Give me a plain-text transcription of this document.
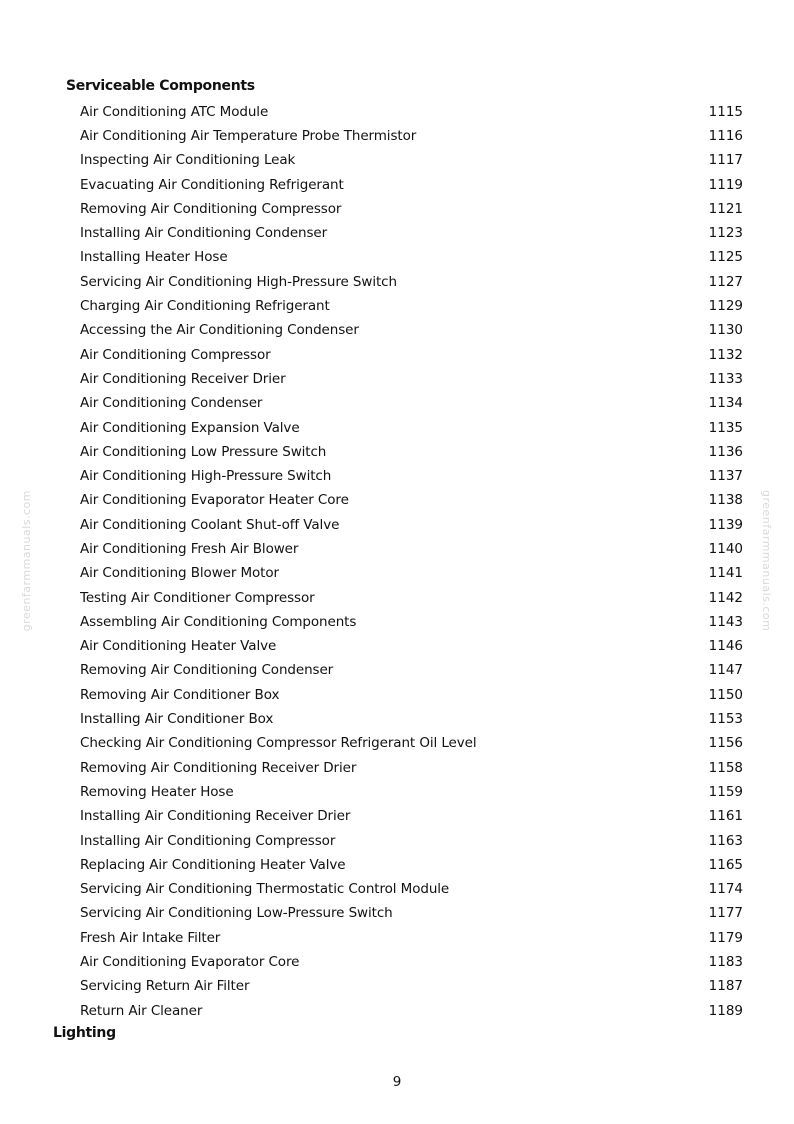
Serviceable Components
Air Conditioning ATC Module	1115
Air Conditioning Air Temperature Probe Thermistor	1116
Inspecting Air Conditioning Leak	1117
Evacuating Air Conditioning Refrigerant	1119
Removing Air Conditioning Compressor	1121
Installing Air Conditioning Condenser	1123
Installing Heater Hose	1125
Servicing Air Conditioning High-Pressure Switch	1127
Charging Air Conditioning Refrigerant	1129
Accessing the Air Conditioning Condenser	1130
Air Conditioning Compressor	1132
Air Conditioning Receiver Drier	1133
Air Conditioning Condenser	1134
Air Conditioning Expansion Valve	1135
Air Conditioning Low Pressure Switch	1136
Air Conditioning High-Pressure Switch	1137
Air Conditioning Evaporator Heater Core	1138
Air Conditioning Coolant Shut-off Valve	1139
Air Conditioning Fresh Air Blower	1140
Air Conditioning Blower Motor	1141
Testing Air Conditioner Compressor	1142
Assembling Air Conditioning Components	1143
Air Conditioning Heater Valve	1146
Removing Air Conditioning Condenser	1147
Removing Air Conditioner Box	1150
Installing Air Conditioner Box	1153
Checking Air Conditioning Compressor Refrigerant Oil Level	1156
Removing Air Conditioning Receiver Drier	1158
Removing Heater Hose	1159
Installing Air Conditioning Receiver Drier	1161
Installing Air Conditioning Compressor	1163
Replacing Air Conditioning Heater Valve	1165
Servicing Air Conditioning Thermostatic Control Module	1174
Servicing Air Conditioning Low-Pressure Switch	1177
Fresh Air Intake Filter	1179
Air Conditioning Evaporator Core	1183
Servicing Return Air Filter	1187
Return Air Cleaner	1189
Lighting
greenfarmmanuals.com	greenfarmmanuals.com
9
